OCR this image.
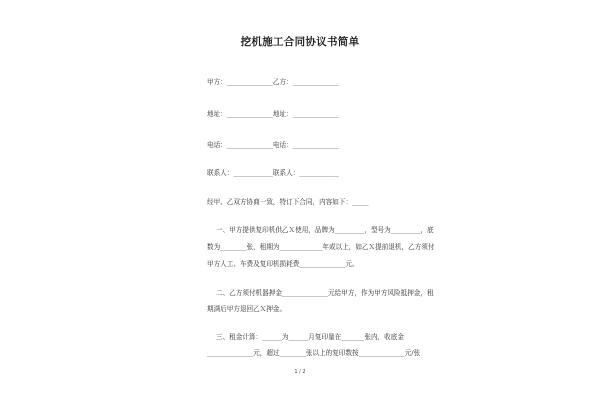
挖机施工合同协议书简单
甲方：______________乙方：______________
地址：______________地址：______________
电话：______________电话：______________
联系人：____________联系人：____________
经甲、乙双方协商一致，特订下合同，内容如下：_____
一、甲方提供复印机供乙Ｘ使用，品牌为_________，型号为_________，底
数为________张，租期为_____________年或以上，如乙Ｘ提前退机，乙方须付
甲方人工、车费及复印机损耗费______________元。
二、乙方须付机器押金______________元给甲方，作为甲方风险抵押金，租
期满后甲方退回乙Ｘ押金。
三、租金计算：______为______月复印量在_______张内，收底金
______________元，超过________张以上的复印数按______________元/张
1 / 2
